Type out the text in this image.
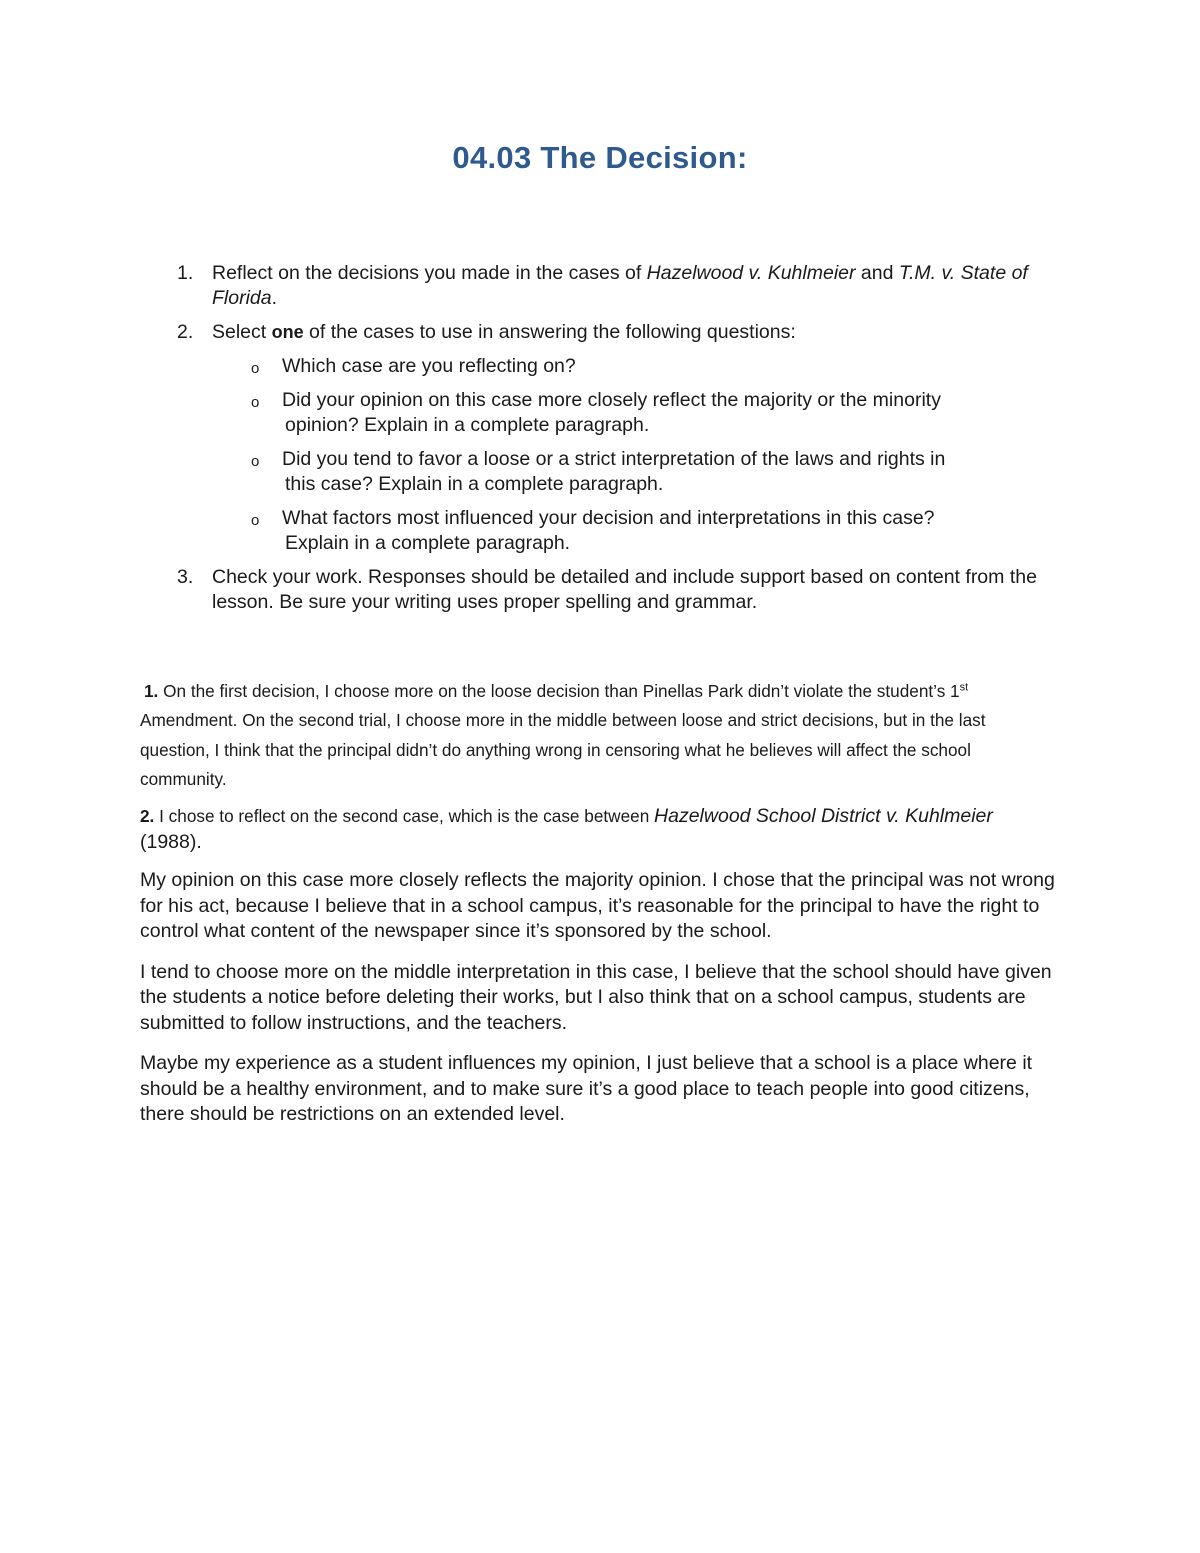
04.03 The Decision:
1. Reflect on the decisions you made in the cases of Hazelwood v. Kuhlmeier and T.M. v. State of Florida.
2. Select one of the cases to use in answering the following questions:
o Which case are you reflecting on?
o Did your opinion on this case more closely reflect the majority or the minority
opinion? Explain in a complete paragraph.
o Did you tend to favor a loose or a strict interpretation of the laws and rights in
this case? Explain in a complete paragraph.
o What factors most influenced your decision and interpretations in this case?
Explain in a complete paragraph.
3. Check your work. Responses should be detailed and include support based on content from the lesson. Be sure your writing uses proper spelling and grammar.

1. On the first decision, I choose more on the loose decision than Pinellas Park didn’t violate the student’s 1st Amendment. On the second trial, I choose more in the middle between loose and strict decisions, but in the last question, I think that the principal didn’t do anything wrong in censoring what he believes will affect the school community.

2. I chose to reflect on the second case, which is the case between Hazelwood School District v. Kuhlmeier (1988).

My opinion on this case more closely reflects the majority opinion. I chose that the principal was not wrong for his act, because I believe that in a school campus, it’s reasonable for the principal to have the right to control what content of the newspaper since it’s sponsored by the school.

I tend to choose more on the middle interpretation in this case, I believe that the school should have given the students a notice before deleting their works, but I also think that on a school campus, students are submitted to follow instructions, and the teachers.

Maybe my experience as a student influences my opinion, I just believe that a school is a place where it should be a healthy environment, and to make sure it’s a good place to teach people into good citizens, there should be restrictions on an extended level.
